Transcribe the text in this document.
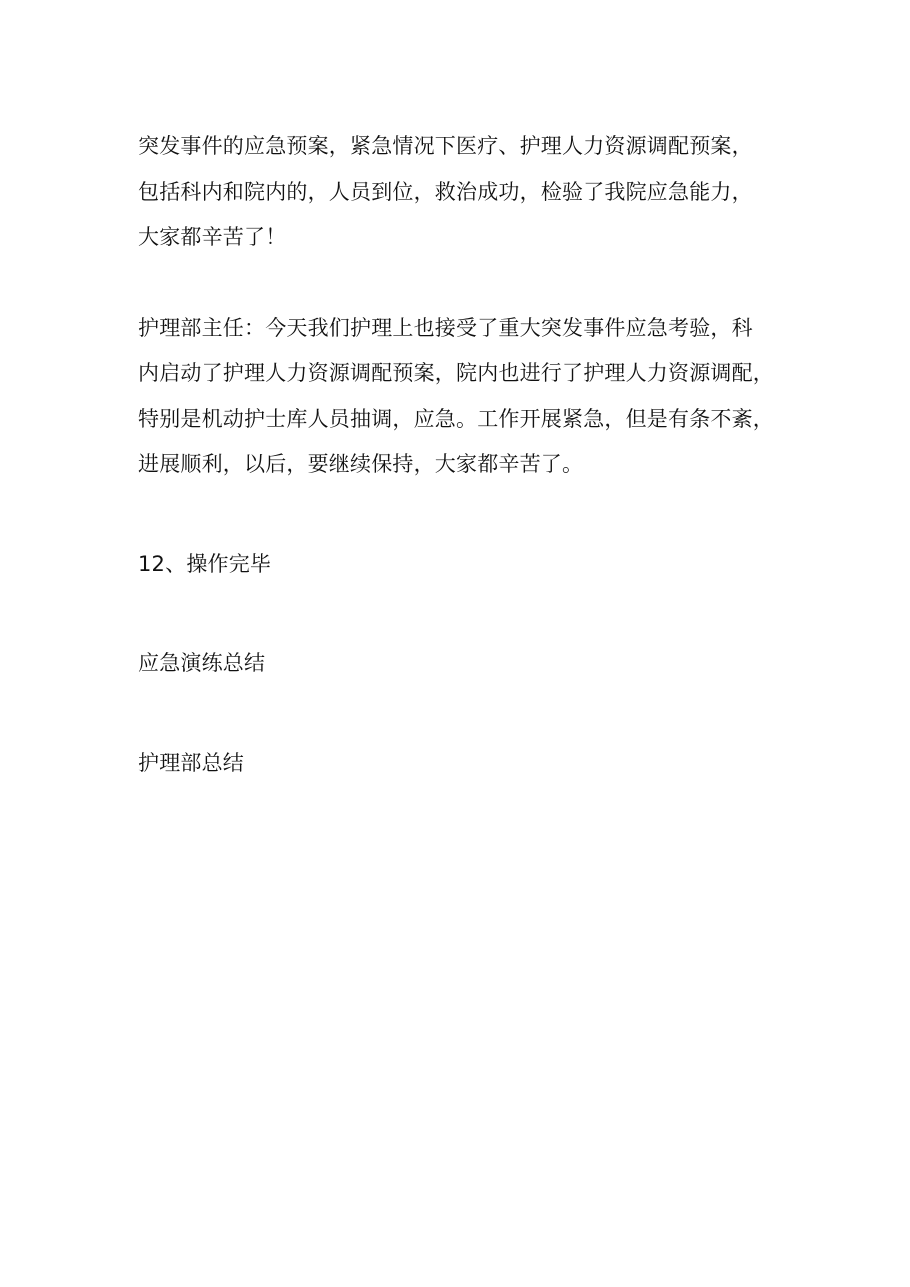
突发事件的应急预案，紧急情况下医疗、护理人力资源调配预案，
包括科内和院内的，人员到位，救治成功，检验了我院应急能力，
大家都辛苦了！

护理部主任：今天我们护理上也接受了重大突发事件应急考验，科
内启动了护理人力资源调配预案，院内也进行了护理人力资源调配，
特别是机动护士库人员抽调，应急。工作开展紧急，但是有条不紊，
进展顺利，以后，要继续保持，大家都辛苦了。

12、操作完毕

应急演练总结

护理部总结
